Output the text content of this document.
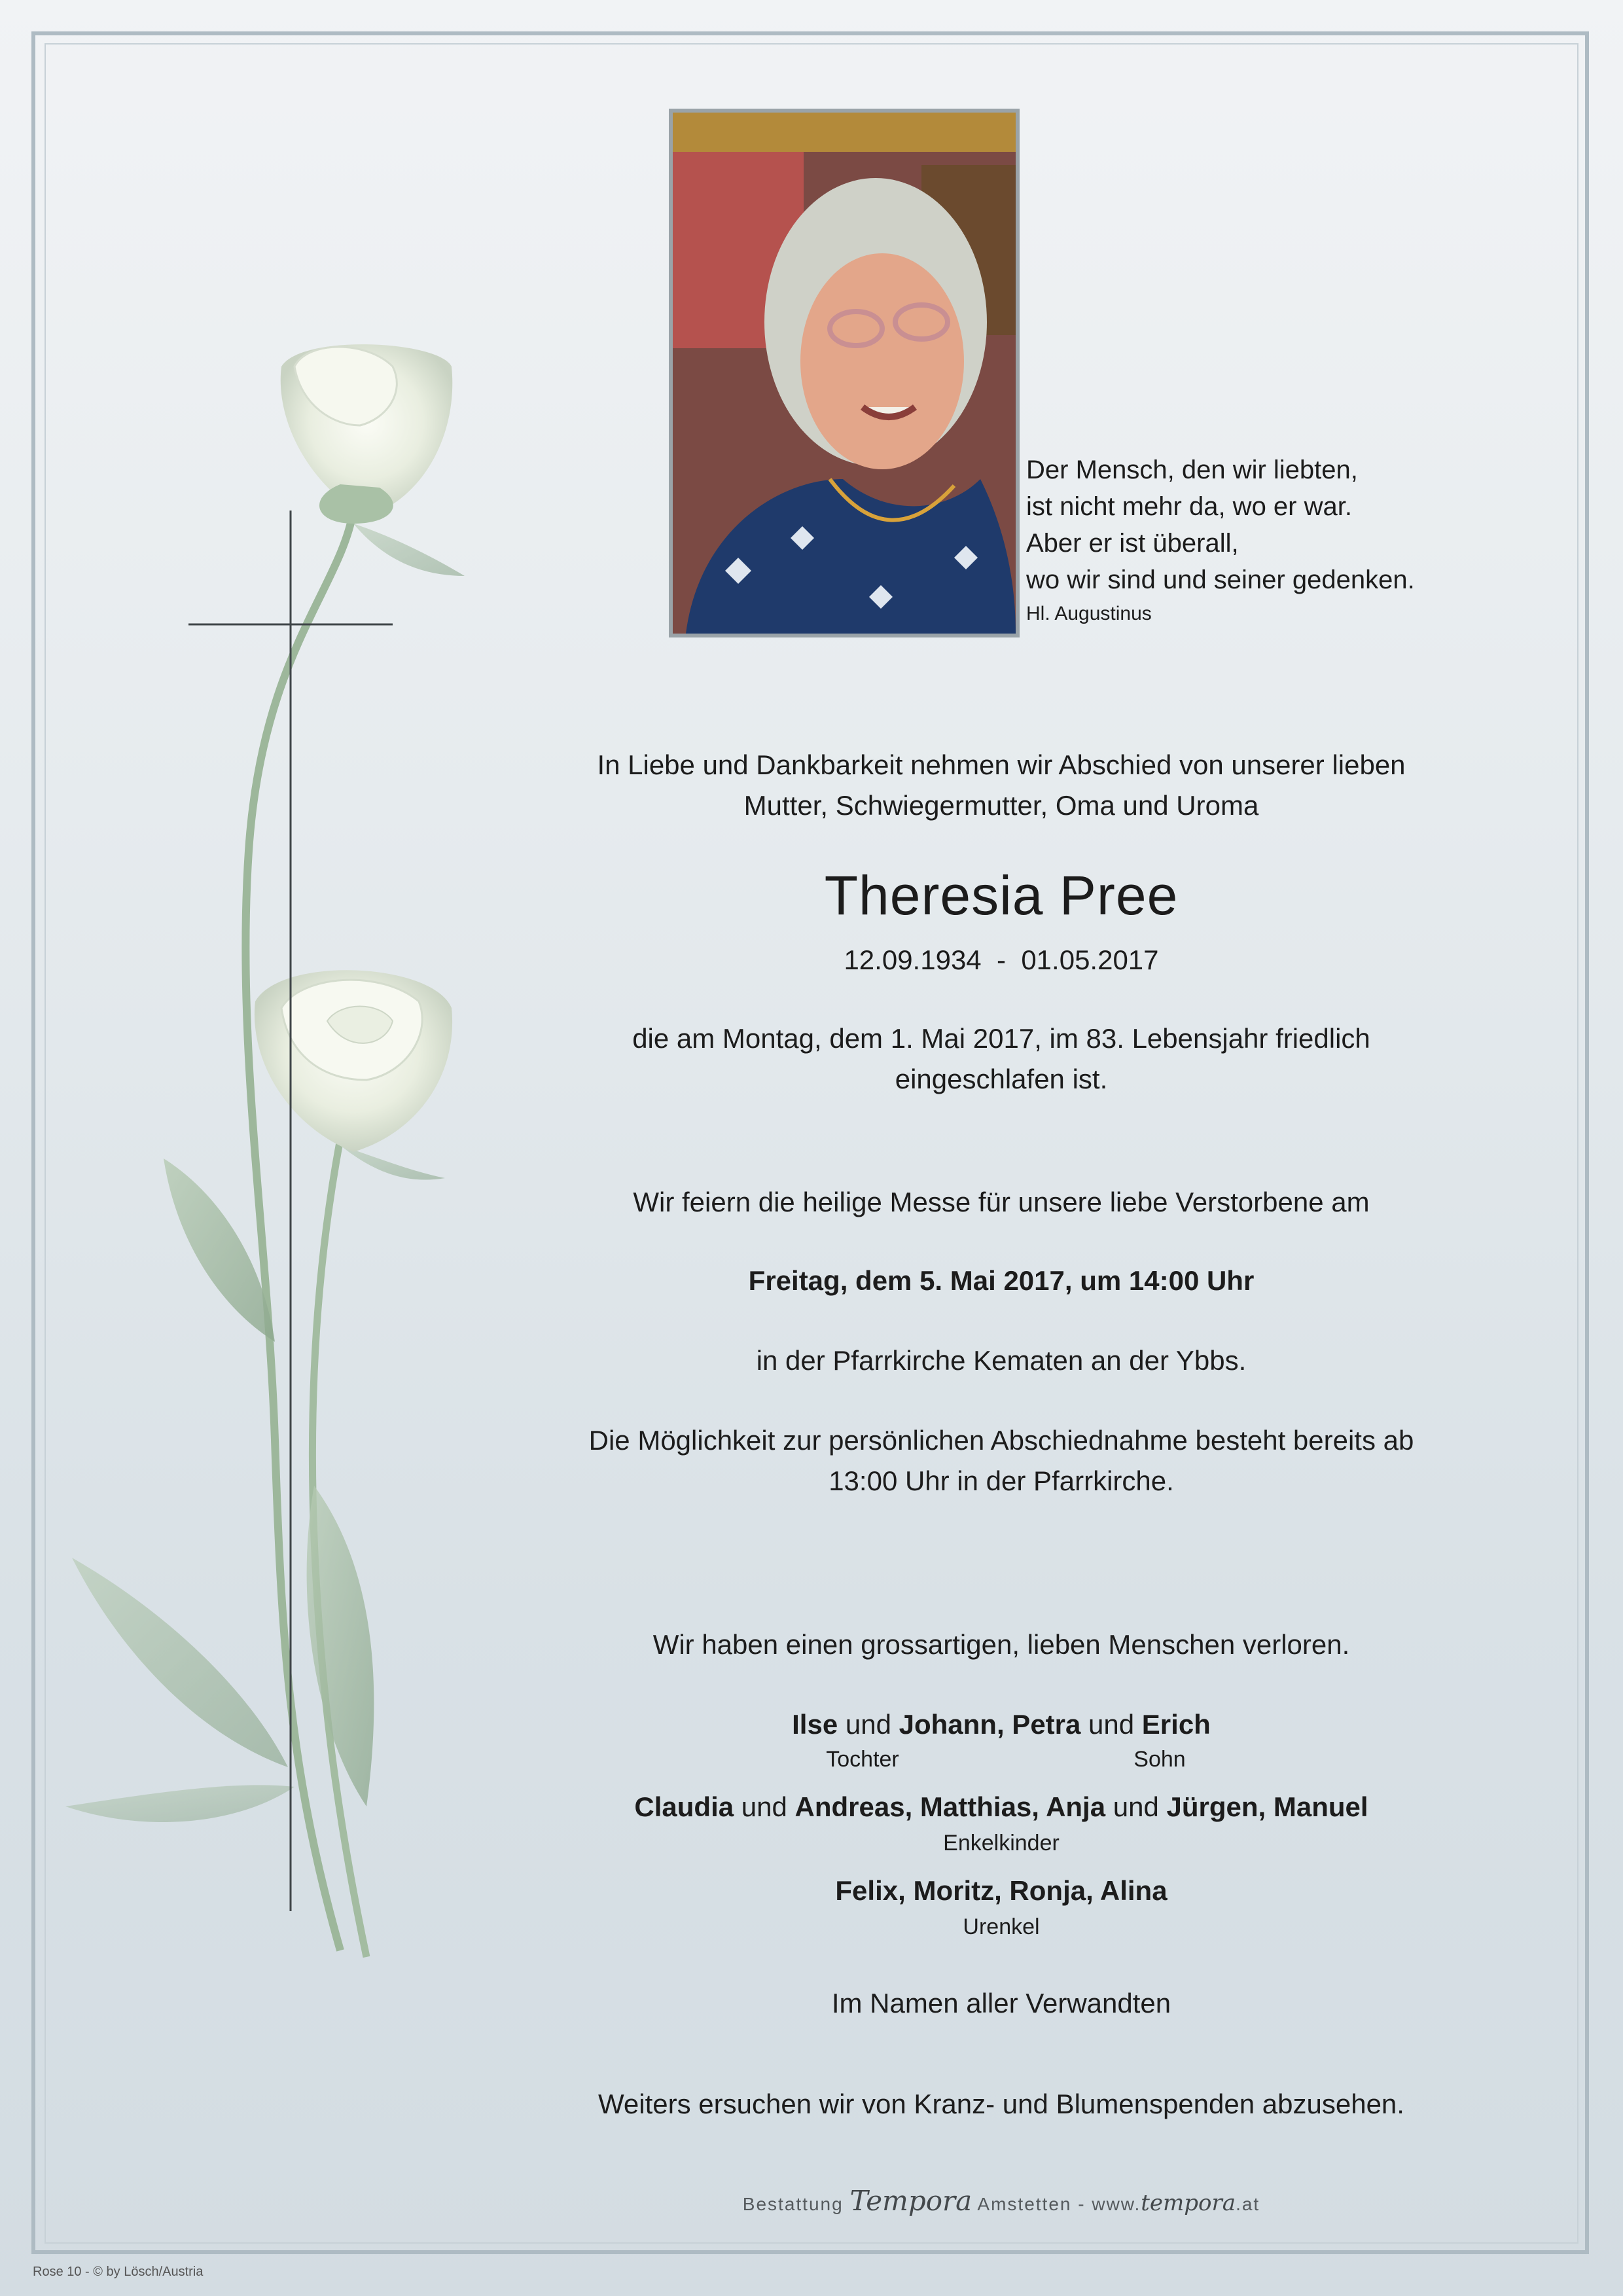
Der Mensch, den wir liebten,
ist nicht mehr da, wo er war.
Aber er ist überall,
wo wir sind und seiner gedenken.
Hl. Augustinus
In Liebe und Dankbarkeit nehmen wir Abschied von unserer lieben
Mutter, Schwiegermutter, Oma und Uroma
Theresia Pree
12.09.1934  -  01.05.2017
die am Montag, dem 1. Mai 2017, im 83. Lebensjahr friedlich
eingeschlafen ist.
Wir feiern die heilige Messe für unsere liebe Verstorbene am
Freitag, dem 5. Mai 2017, um 14:00 Uhr
in der Pfarrkirche Kematen an der Ybbs.
Die Möglichkeit zur persönlichen Abschiednahme besteht bereits ab
13:00 Uhr in der Pfarrkirche.
Wir haben einen grossartigen, lieben Menschen verloren.
Ilse und Johann, Petra und Erich
Tochter	Sohn
Claudia und Andreas, Matthias, Anja und Jürgen, Manuel
Enkelkinder
Felix, Moritz, Ronja, Alina
Urenkel
Im Namen aller Verwandten
Weiters ersuchen wir von Kranz- und Blumenspenden abzusehen.
Bestattung Tempora Amstetten - www.tempora.at
Rose 10 - © by Lösch/Austria
